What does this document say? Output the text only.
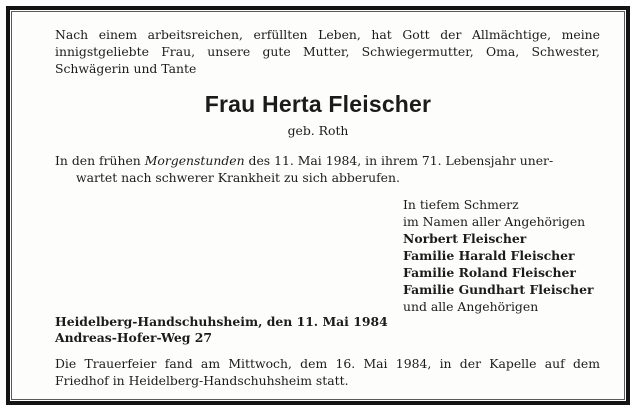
Nach einem arbeitsreichen, erfüllten Leben, hat Gott der Allmächtige, meine innigstgeliebte Frau, unsere gute Mutter, Schwiegermutter, Oma, Schwester, Schwägerin und Tante

Frau Herta Fleischer
geb. Roth

In den frühen Morgenstunden des 11. Mai 1984, in ihrem 71. Lebensjahr uner-
wartet nach schwerer Krankheit zu sich abberufen.

In tiefem Schmerz
im Namen aller Angehörigen
Norbert Fleischer
Familie Harald Fleischer
Familie Roland Fleischer
Familie Gundhart Fleischer
und alle Angehörigen
Heidelberg-Handschuhsheim, den 11. Mai 1984
Andreas-Hofer-Weg 27

Die Trauerfeier fand am Mittwoch, dem 16. Mai 1984, in der Kapelle auf dem Friedhof in Heidelberg-Handschuhsheim statt.
